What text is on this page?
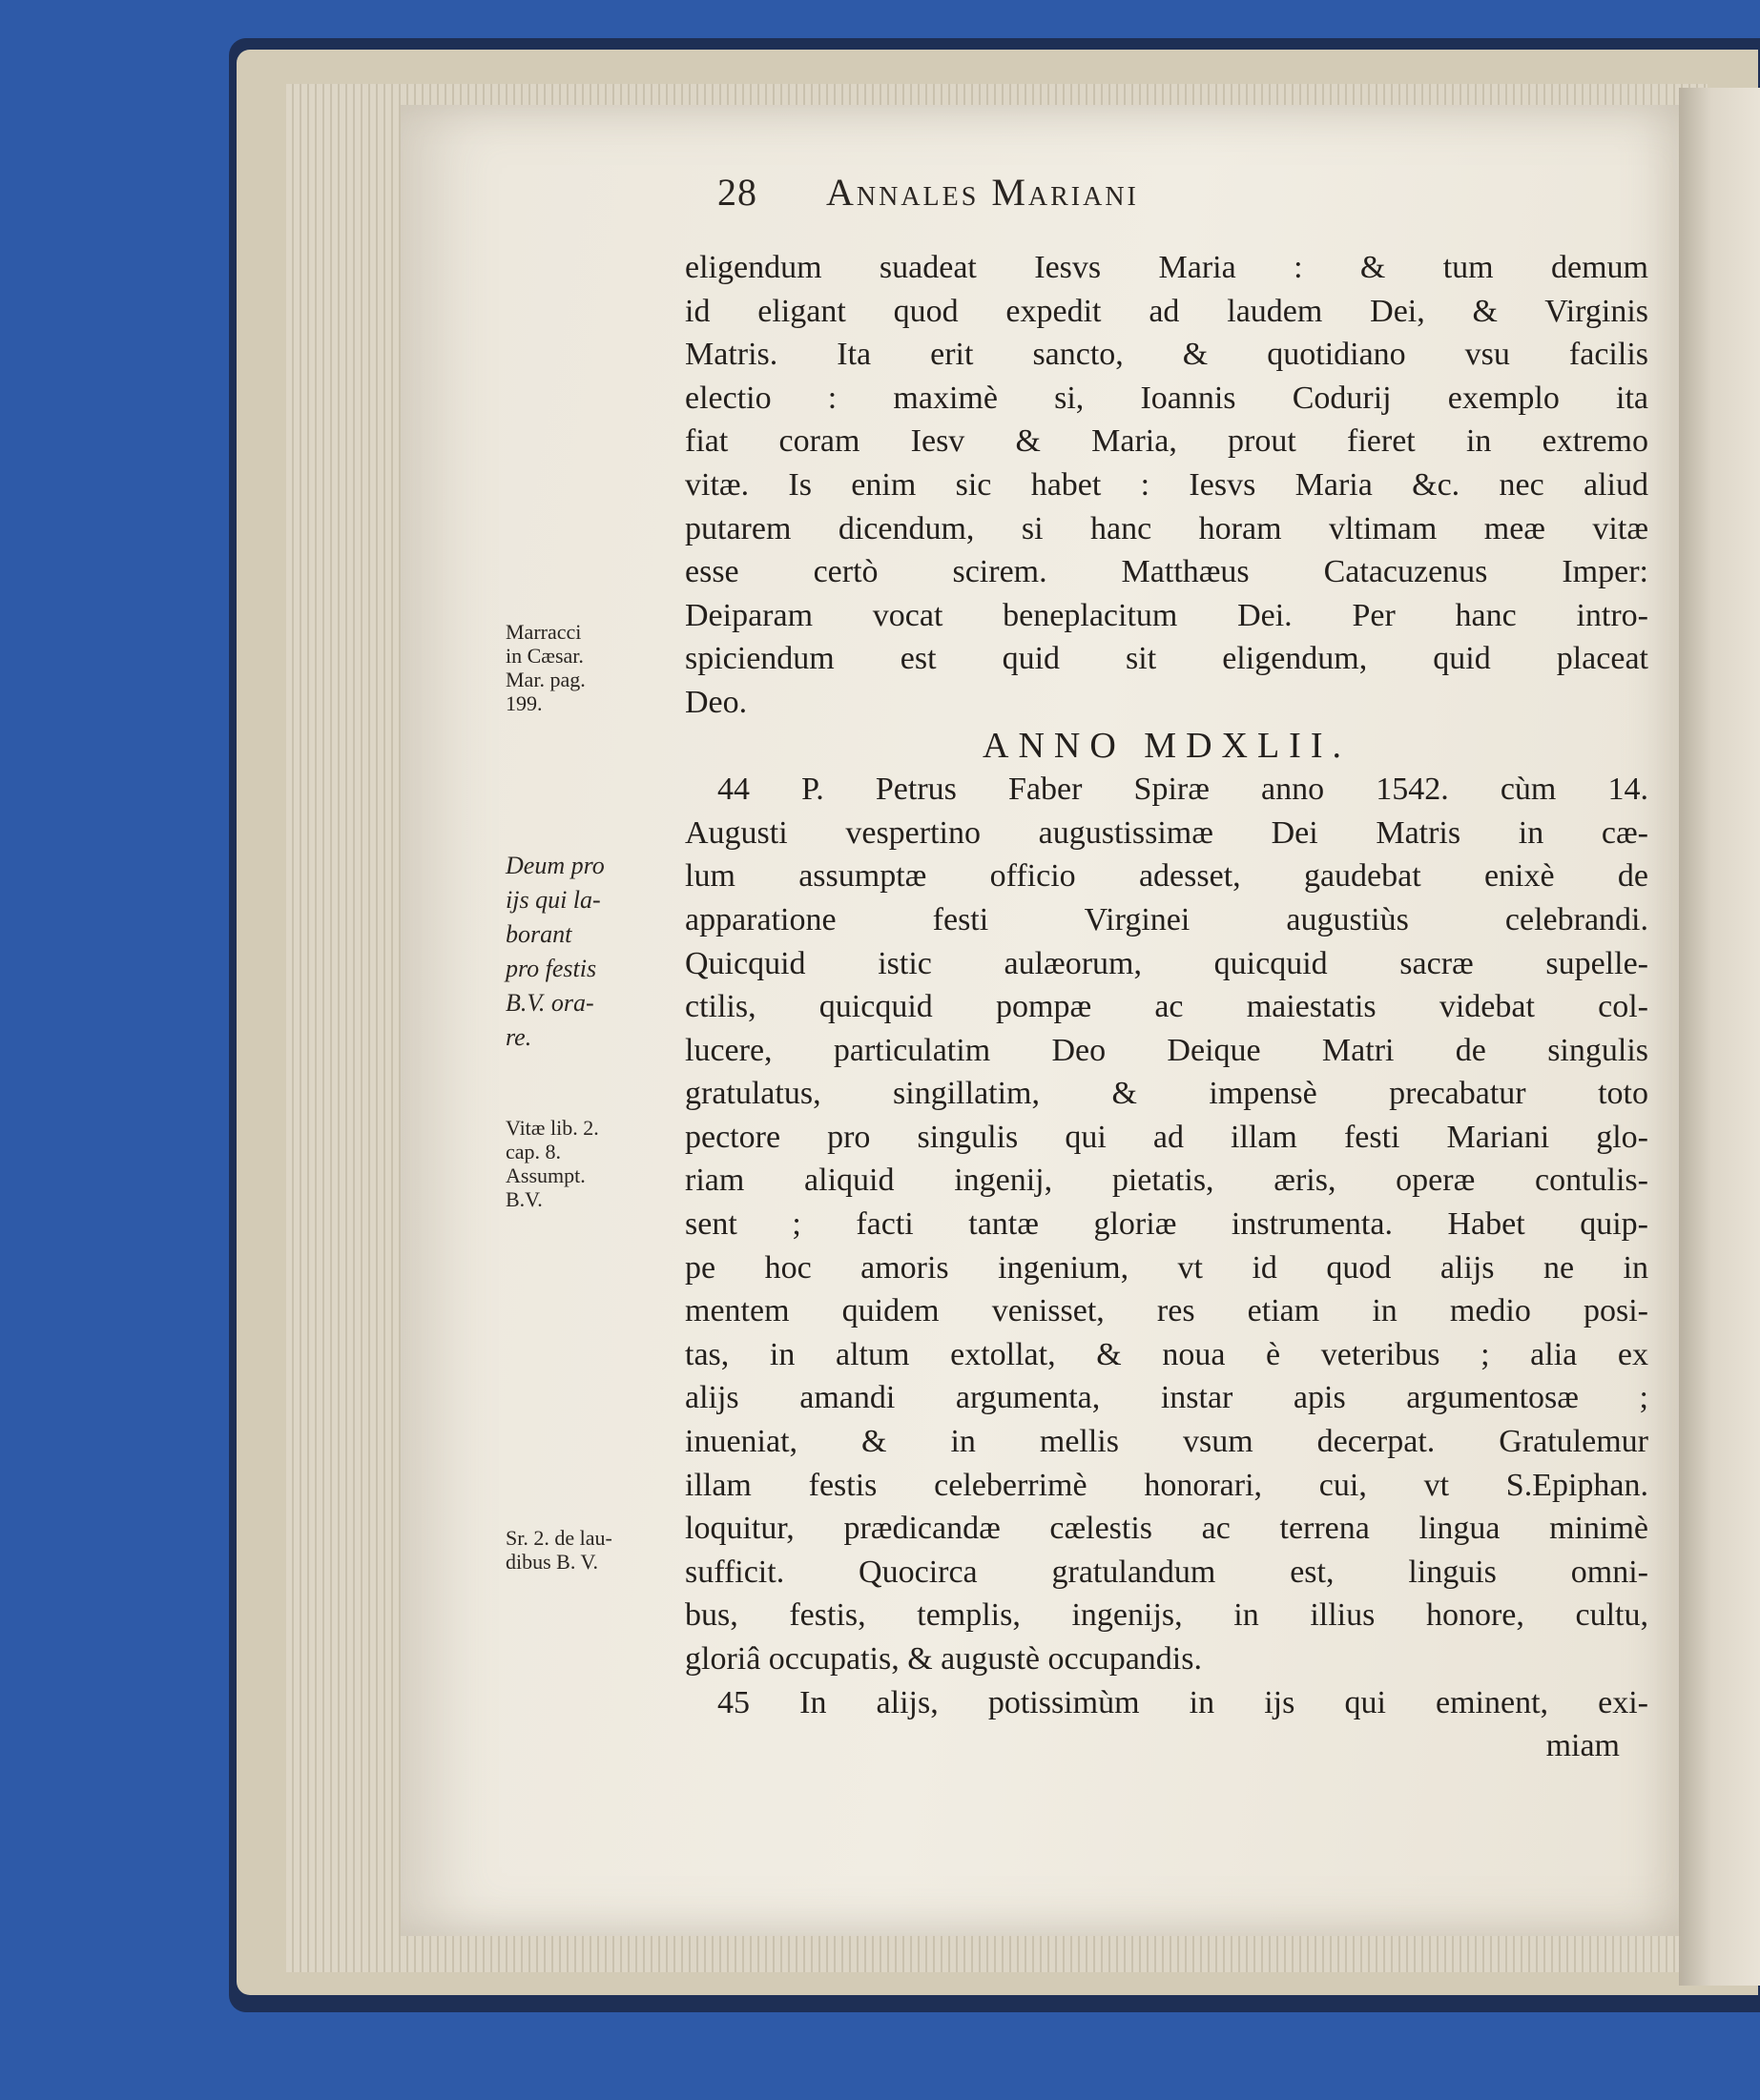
28 Annales Mariani
eligendum suadeat Iesvs Maria : & tum demum
id eligant quod expedit ad laudem Dei, & Virginis
Matris. Ita erit sancto, & quotidiano vsu facilis
electio : maximè si, Ioannis Codurij exemplo ita
fiat coram Iesv & Maria, prout fieret in extremo
vitæ. Is enim sic habet : Iesvs Maria &c. nec aliud
putarem dicendum, si hanc horam vltimam meæ vitæ
esse certò scirem. Matthæus Catacuzenus Imper:
Deiparam vocat beneplacitum Dei. Per hanc intro-
spiciendum est quid sit eligendum, quid placeat
Deo.
ANNO MDXLII.
44 P. Petrus Faber Spiræ anno 1542. cùm 14.
Augusti vespertino augustissimæ Dei Matris in cæ-
lum assumptæ officio adesset, gaudebat enixè de
apparatione festi Virginei augustiùs celebrandi.
Quicquid istic aulæorum, quicquid sacræ supelle-
ctilis, quicquid pompæ ac maiestatis videbat col-
lucere, particulatim Deo Deique Matri de singulis
gratulatus, singillatim, & impensè precabatur toto
pectore pro singulis qui ad illam festi Mariani glo-
riam aliquid ingenij, pietatis, æris, operæ contulis-
sent ; facti tantæ gloriæ instrumenta. Habet quip-
pe hoc amoris ingenium, vt id quod alijs ne in
mentem quidem venisset, res etiam in medio posi-
tas, in altum extollat, & noua è veteribus ; alia ex
alijs amandi argumenta, instar apis argumentosæ ;
inueniat, & in mellis vsum decerpat. Gratulemur
illam festis celeberrimè honorari, cui, vt S.Epiphan.
loquitur, prædicandæ cælestis ac terrena lingua minimè
sufficit. Quocirca gratulandum est, linguis omni-
bus, festis, templis, ingenijs, in illius honore, cultu,
gloriâ occupatis, & augustè occupandis.
45 In alijs, potissimùm in ijs qui eminent, exi-
miam
Marracci
in Cæsar.
Mar. pag.
199.
Deum pro
ijs qui la-
borant
pro festis
B.V. ora-
re.
Vitæ lib. 2.
cap. 8.
Assumpt.
B.V.
Sr. 2. de lau-
dibus B. V.
